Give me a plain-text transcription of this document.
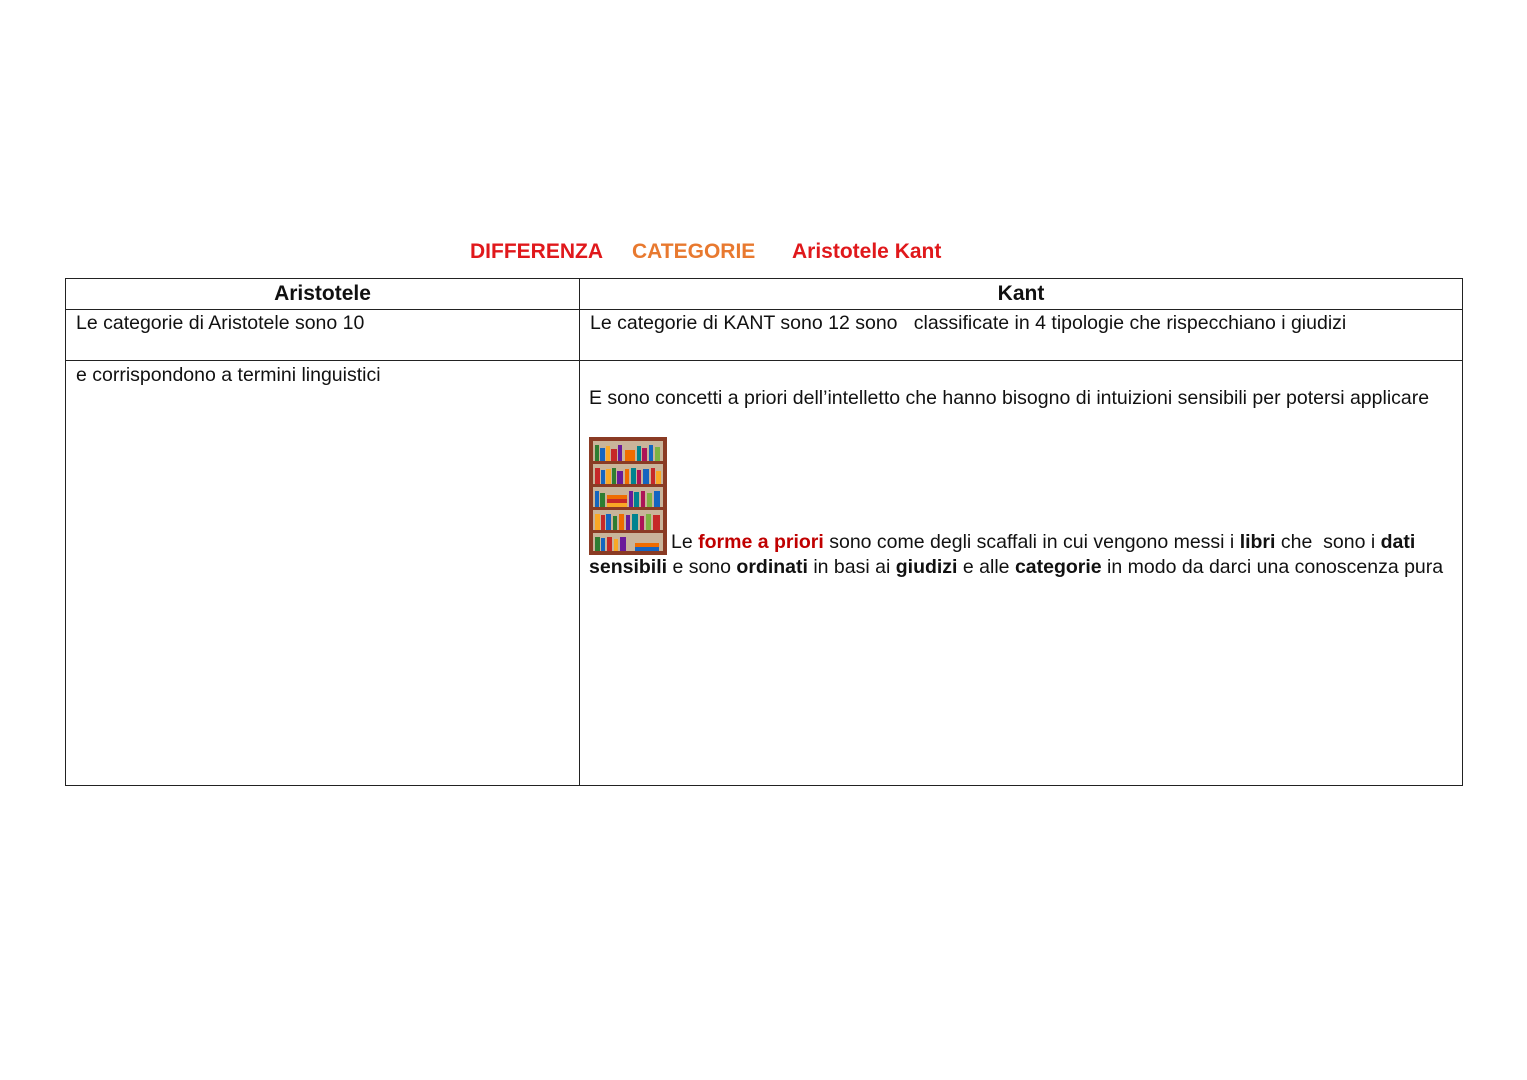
DIFFERENZA CATEGORIE Aristotele Kant
Aristotele	Kant

Le categorie di Aristotele sono 10	Le categorie di KANT sono 12 sono   classificate in 4 tipologie che rispecchiano i giudizi

e corrispondono a termini linguistici	E sono concetti a priori dell’intelletto che hanno bisogno di intuizioni sensibili per potersi applicare
Le forme a priori sono come degli scaffali in cui vengono messi i libri che  sono i dati sensibili e sono ordinati in basi ai giudizi e alle categorie in modo da darci una conoscenza pura
